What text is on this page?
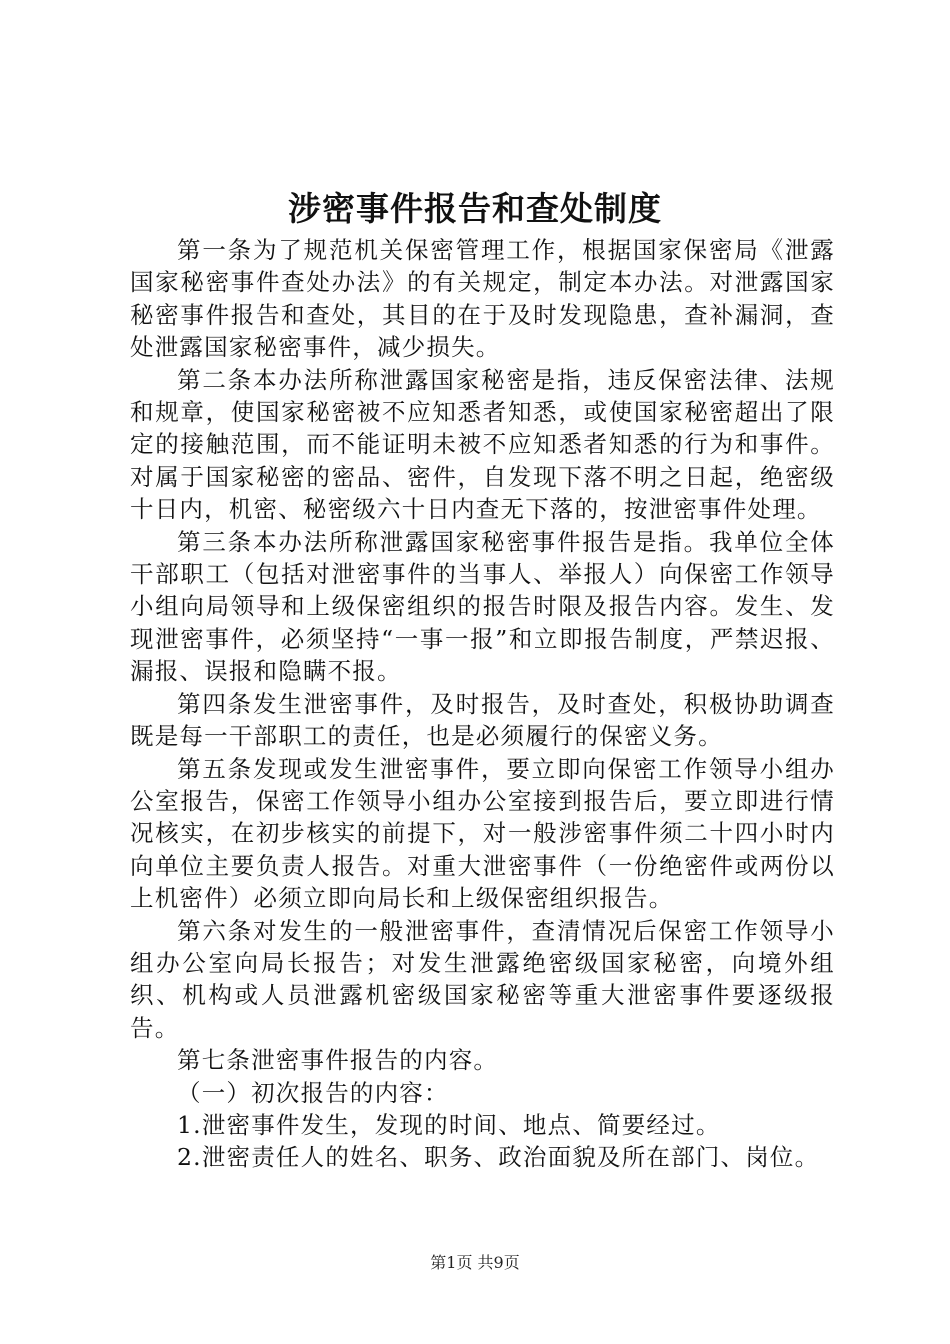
涉密事件报告和查处制度

第一条为了规范机关保密管理工作，根据国家保密局《泄露国家秘密事件查处办法》的有关规定，制定本办法。对泄露国家秘密事件报告和查处，其目的在于及时发现隐患，查补漏洞，查处泄露国家秘密事件，减少损失。

第二条本办法所称泄露国家秘密是指，违反保密法律、法规和规章，使国家秘密被不应知悉者知悉，或使国家秘密超出了限定的接触范围，而不能证明未被不应知悉者知悉的行为和事件。对属于国家秘密的密品、密件，自发现下落不明之日起，绝密级十日内，机密、秘密级六十日内查无下落的，按泄密事件处理。

第三条本办法所称泄露国家秘密事件报告是指。我单位全体干部职工（包括对泄密事件的当事人、举报人）向保密工作领导小组向局领导和上级保密组织的报告时限及报告内容。发生、发现泄密事件，必须坚持“一事一报”和立即报告制度，严禁迟报、漏报、误报和隐瞒不报。

第四条发生泄密事件，及时报告，及时查处，积极协助调查既是每一干部职工的责任，也是必须履行的保密义务。

第五条发现或发生泄密事件，要立即向保密工作领导小组办公室报告，保密工作领导小组办公室接到报告后，要立即进行情况核实，在初步核实的前提下，对一般涉密事件须二十四小时内向单位主要负责人报告。对重大泄密事件（一份绝密件或两份以上机密件）必须立即向局长和上级保密组织报告。

第六条对发生的一般泄密事件，查清情况后保密工作领导小组办公室向局长报告；对发生泄露绝密级国家秘密，向境外组织、机构或人员泄露机密级国家秘密等重大泄密事件要逐级报告。

第七条泄密事件报告的内容。

（一）初次报告的内容：

1.泄密事件发生，发现的时间、地点、简要经过。

2.泄密责任人的姓名、职务、政治面貌及所在部门、岗位。

第1页 共9页
